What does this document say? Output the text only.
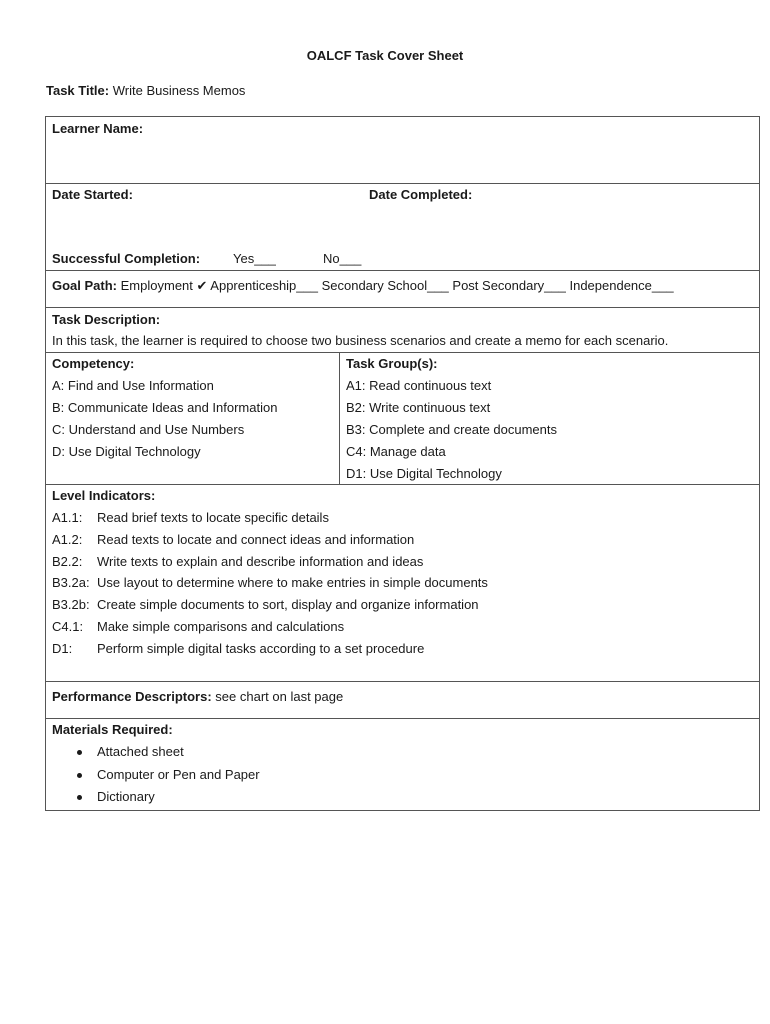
OALCF Task Cover Sheet
Task Title: Write Business Memos
Learner Name:
Date Started:	Date Completed:
Successful Completion:	Yes___	No___
Goal Path: Employment ✔ Apprenticeship___ Secondary School___ Post Secondary___ Independence___
Task Description:
In this task, the learner is required to choose two business scenarios and create a memo for each scenario.
Competency:
A: Find and Use Information
B: Communicate Ideas and Information
C: Understand and Use Numbers
D: Use Digital Technology
Task Group(s):
A1: Read continuous text
B2: Write continuous text
B3: Complete and create documents
C4: Manage data
D1: Use Digital Technology
Level Indicators:
A1.1:	Read brief texts to locate specific details
A1.2:	Read texts to locate and connect ideas and information
B2.2:	Write texts to explain and describe information and ideas
B3.2a: Use layout to determine where to make entries in simple documents
B3.2b: Create simple documents to sort, display and organize information
C4.1:	Make simple comparisons and calculations
D1:	Perform simple digital tasks according to a set procedure
Performance Descriptors: see chart on last page
Materials Required:
Attached sheet
Computer or Pen and Paper
Dictionary
